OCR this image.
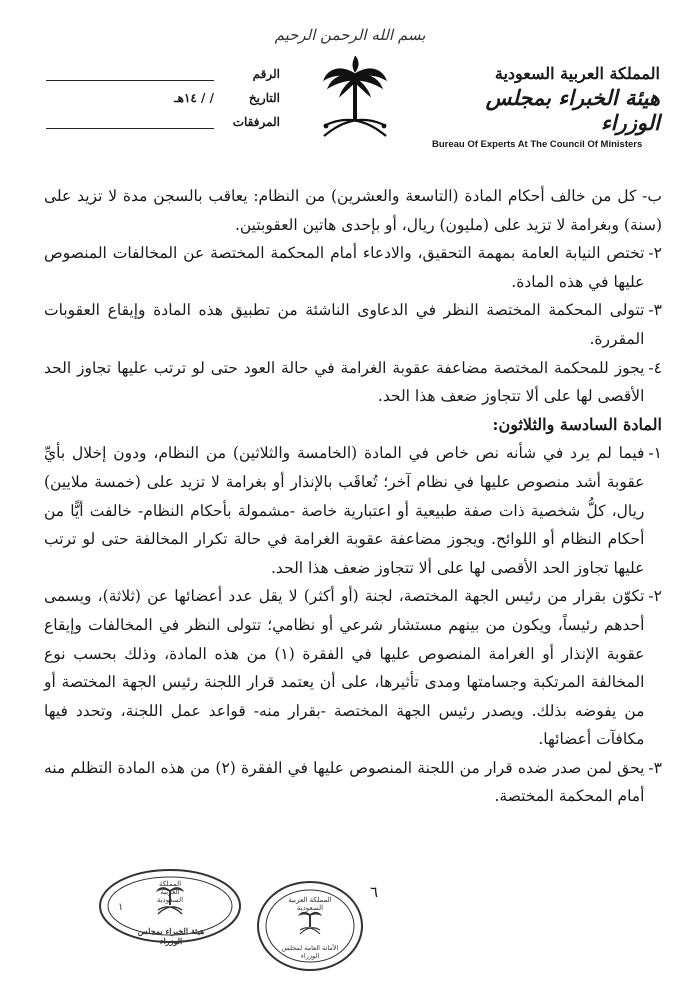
بسم الله الرحمن الرحيم
الرقم
التاريخ
/ / ١٤هـ
المرفقات
المملكة العربية السعودية
هيئة الخبراء بمجلس الوزراء
Bureau Of Experts At The Council Of Ministers
ب- كل من خالف أحكام المادة (التاسعة والعشرين) من النظام: يعاقب بالسجن مدة لا تزيد على (سنة) وبغرامة لا تزيد على (مليون) ريال، أو بإحدى هاتين العقوبتين.
٢-
تختص النيابة العامة بمهمة التحقيق، والادعاء أمام المحكمة المختصة عن المخالفات المنصوص عليها في هذه المادة.
٣-
تتولى المحكمة المختصة النظر في الدعاوى الناشئة من تطبيق هذه المادة وإيقاع العقوبات المقررة.
٤-
يجوز للمحكمة المختصة مضاعفة عقوبة الغرامة في حالة العود حتى لو ترتب عليها تجاوز الحد الأقصى لها على ألا تتجاوز ضعف هذا الحد.
المادة السادسة والثلاثون:
١-
فيما لم يرد في شأنه نص خاص في المادة (الخامسة والثلاثين) من النظام، ودون إخلال بأيِّ عقوبة أشد منصوص عليها في نظام آخر؛ تُعاقَب بالإنذار أو بغرامة لا تزيد على (خمسة ملايين) ريال، كلُّ شخصية ذات صفة طبيعية أو اعتبارية خاصة -مشمولة بأحكام النظام- خالفت أيًّا من أحكام النظام أو اللوائح. ويجوز مضاعفة عقوبة الغرامة في حالة تكرار المخالفة حتى لو ترتب عليها تجاوز الحد الأقصى لها على ألا تتجاوز ضعف هذا الحد.
٢-
تكوّن بقرار من رئيس الجهة المختصة، لجنة (أو أكثر) لا يقل عدد أعضائها عن (ثلاثة)، ويسمى أحدهم رئيساً، ويكون من بينهم مستشار شرعي أو نظامي؛ تتولى النظر في المخالفات وإيقاع عقوبة الإنذار أو الغرامة المنصوص عليها في الفقرة (١) من هذه المادة، وذلك بحسب نوع المخالفة المرتكبة وجسامتها ومدى تأثيرها، على أن يعتمد قرار اللجنة رئيس الجهة المختصة أو من يفوضه بذلك. ويصدر رئيس الجهة المختصة -بقرار منه- قواعد عمل اللجنة، وتحدد فيها مكافآت أعضائها.
٣-
يحق لمن صدر ضده قرار من اللجنة المنصوص عليها في الفقرة (٢) من هذه المادة التظلم منه أمام المحكمة المختصة.
المملكة العربية السعودية
هيئة الخبراء بمجلس الوزراء
١
المملكة العربية السعودية
الأمانة العامة لمجلس الوزراء
٦
